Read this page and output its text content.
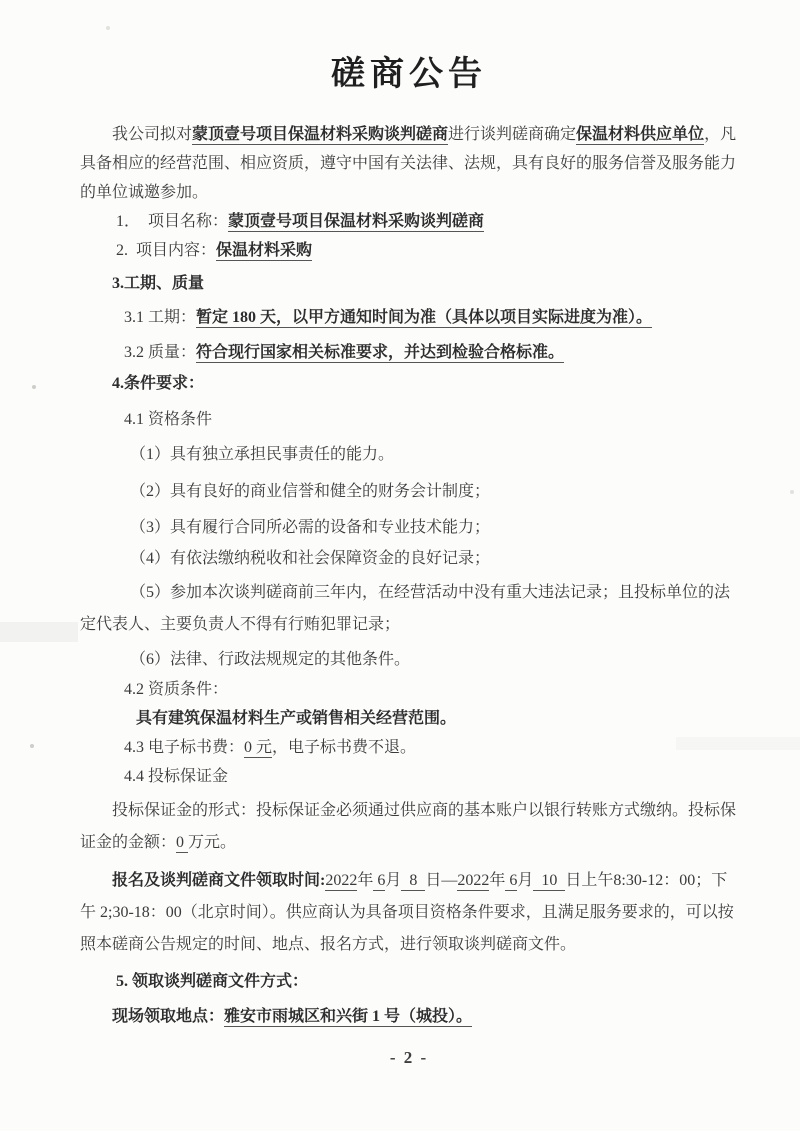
磋商公告

我公司拟对蒙顶壹号项目保温材料采购谈判磋商进行谈判磋商确定保温材料供应单位，凡具备相应的经营范围、相应资质，遵守中国有关法律、法规，具有良好的服务信誉及服务能力的单位诚邀参加。

1． 项目名称：蒙顶壹号项目保温材料采购谈判磋商

2. 项目内容：保温材料采购

3.工期、质量

3.1 工期：暂定 180 天，以甲方通知时间为准（具体以项目实际进度为准）。

3.2 质量：符合现行国家相关标准要求，并达到检验合格标准。

4.条件要求：

4.1 资格条件

（1）具有独立承担民事责任的能力。

（2）具有良好的商业信誉和健全的财务会计制度；

（3）具有履行合同所必需的设备和专业技术能力；

（4）有依法缴纳税收和社会保障资金的良好记录；

（5）参加本次谈判磋商前三年内，在经营活动中没有重大违法记录；且投标单位的法定代表人、主要负责人不得有行贿犯罪记录；

（6）法律、行政法规规定的其他条件。

4.2 资质条件：

具有建筑保温材料生产或销售相关经营范围。

4.3 电子标书费：0 元，电子标书费不退。

4.4 投标保证金

投标保证金的形式：投标保证金必须通过供应商的基本账户以银行转账方式缴纳。投标保证金的金额：0 万元。

报名及谈判磋商文件领取时间:2022年 6月  8  日—2022年 6月  10  日上午8:30-12：00；下午 2;30-18：00（北京时间）。供应商认为具备项目资格条件要求，且满足服务要求的，可以按照本磋商公告规定的时间、地点、报名方式，进行领取谈判磋商文件。

5. 领取谈判磋商文件方式：

现场领取地点：雅安市雨城区和兴街 1 号（城投）。

- 2 -
